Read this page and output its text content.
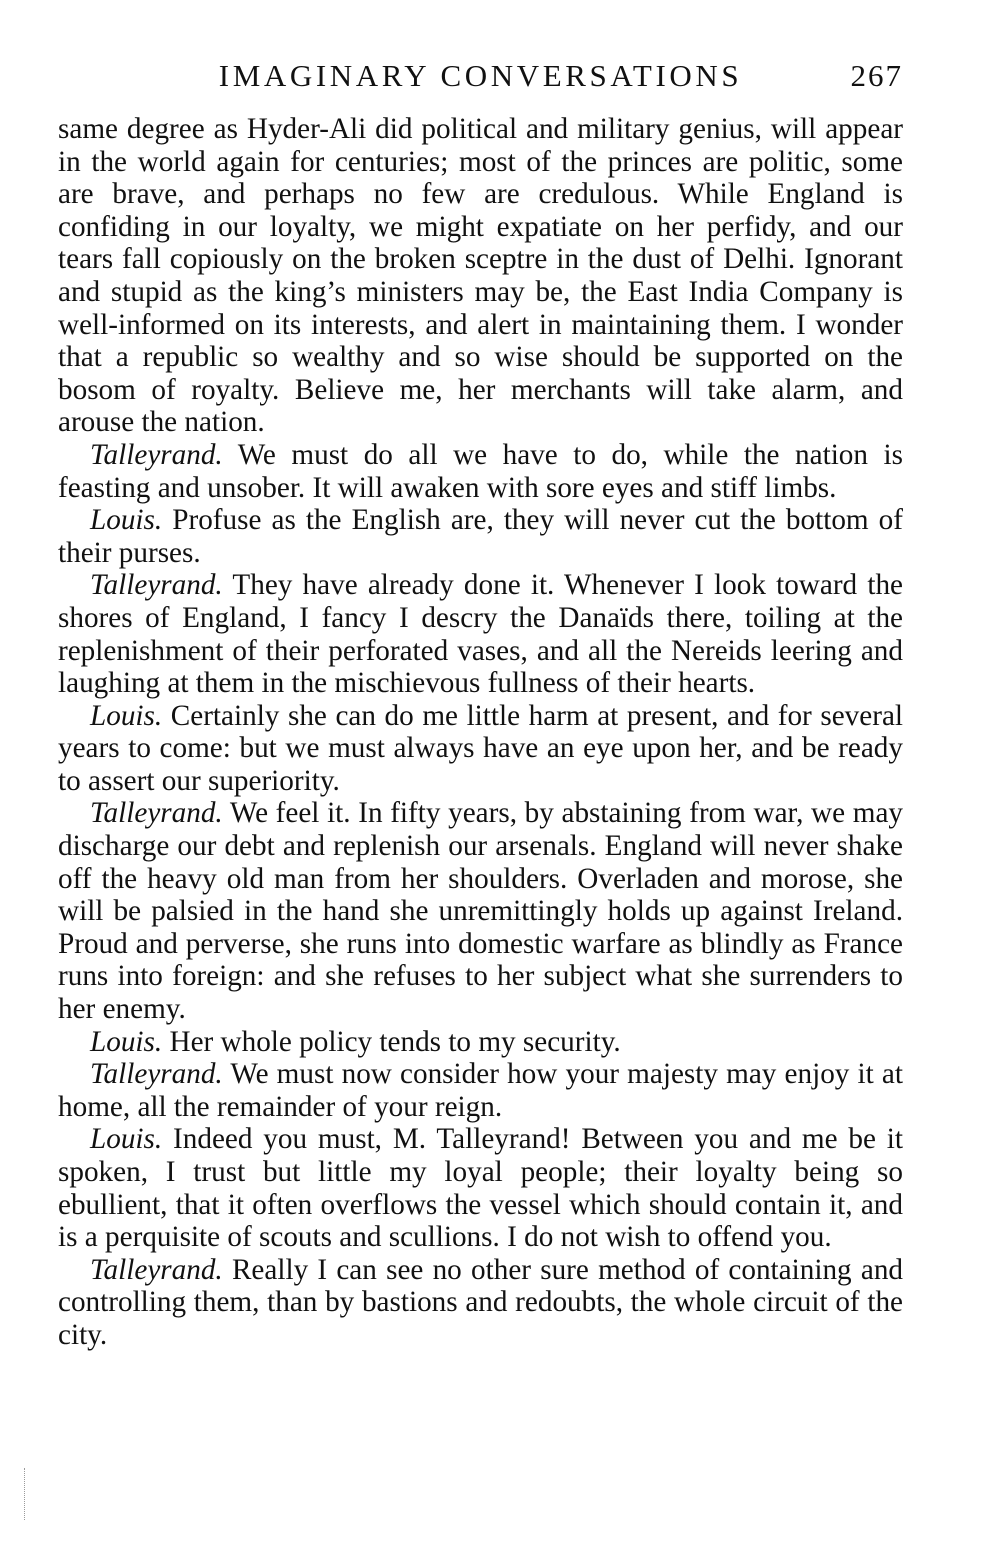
IMAGINARY CONVERSATIONS	267

same degree as Hyder-Ali did political and military genius, will appear in the world again for centuries; most of the princes are politic, some are brave, and perhaps no few are credulous. While England is confiding in our loyalty, we might expatiate on her perfidy, and our tears fall copiously on the broken sceptre in the dust of Delhi. Ignorant and stupid as the king’s ministers may be, the East India Company is well-informed on its interests, and alert in maintaining them. I wonder that a republic so wealthy and so wise should be supported on the bosom of royalty. Believe me, her merchants will take alarm, and arouse the nation.

Talleyrand. We must do all we have to do, while the nation is feasting and unsober. It will awaken with sore eyes and stiff limbs.

Louis. Profuse as the English are, they will never cut the bottom of their purses.

Talleyrand. They have already done it. Whenever I look toward the shores of England, I fancy I descry the Danaïds there, toiling at the replenishment of their perforated vases, and all the Nereids leering and laughing at them in the mischievous fullness of their hearts.

Louis. Certainly she can do me little harm at present, and for several years to come: but we must always have an eye upon her, and be ready to assert our superiority.

Talleyrand. We feel it. In fifty years, by abstaining from war, we may discharge our debt and replenish our arsenals. England will never shake off the heavy old man from her shoulders. Overladen and morose, she will be palsied in the hand she unremittingly holds up against Ireland. Proud and perverse, she runs into domestic warfare as blindly as France runs into foreign: and she refuses to her subject what she surrenders to her enemy.

Louis. Her whole policy tends to my security.

Talleyrand. We must now consider how your majesty may enjoy it at home, all the remainder of your reign.

Louis. Indeed you must, M. Talleyrand! Between you and me be it spoken, I trust but little my loyal people; their loyalty being so ebullient, that it often overflows the vessel which should contain it, and is a perquisite of scouts and scullions. I do not wish to offend you.

Talleyrand. Really I can see no other sure method of containing and controlling them, than by bastions and redoubts, the whole circuit of the city.
